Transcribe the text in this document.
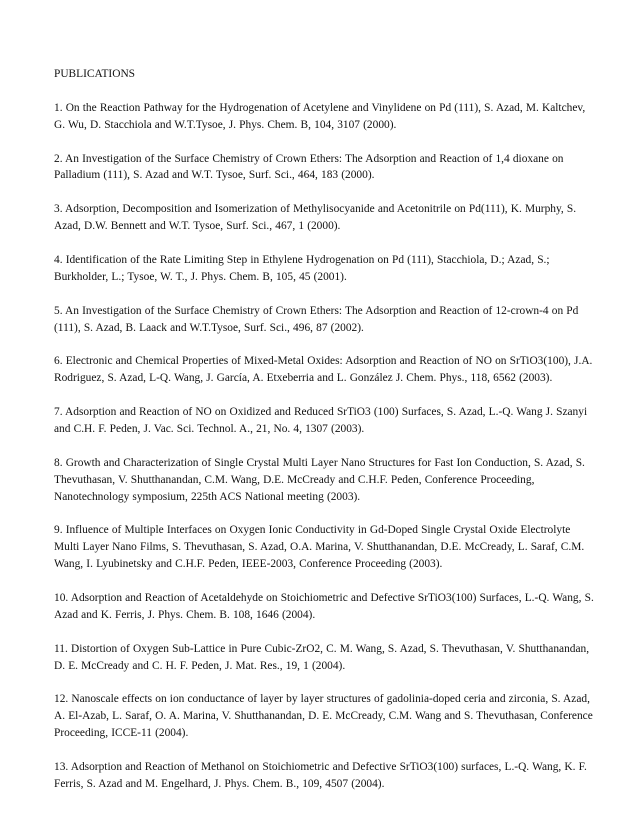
PUBLICATIONS
1. On the Reaction Pathway for the Hydrogenation of Acetylene and Vinylidene on Pd (111), S. Azad, M. Kaltchev, G. Wu, D. Stacchiola and W.T.Tysoe, J. Phys. Chem. B, 104, 3107 (2000).
2. An Investigation of the Surface Chemistry of Crown Ethers: The Adsorption and Reaction of 1,4 dioxane on Palladium (111), S. Azad and W.T. Tysoe, Surf. Sci., 464, 183 (2000).
3. Adsorption, Decomposition and Isomerization of Methylisocyanide and Acetonitrile on Pd(111), K. Murphy, S. Azad, D.W. Bennett and W.T. Tysoe, Surf. Sci., 467, 1 (2000).
4. Identification of the Rate Limiting Step in Ethylene Hydrogenation on Pd (111), Stacchiola, D.; Azad, S.; Burkholder, L.; Tysoe, W. T., J. Phys. Chem. B, 105, 45 (2001).
5. An Investigation of the Surface Chemistry of Crown Ethers: The Adsorption and Reaction of 12-crown-4 on Pd (111), S. Azad, B. Laack and W.T.Tysoe, Surf. Sci., 496, 87 (2002).
6. Electronic and Chemical Properties of Mixed-Metal Oxides: Adsorption and Reaction of NO on SrTiO3(100), J.A. Rodriguez, S. Azad, L-Q. Wang, J. García, A. Etxeberria and L. González J. Chem. Phys., 118, 6562 (2003).
7. Adsorption and Reaction of NO on Oxidized and Reduced SrTiO3 (100) Surfaces, S. Azad, L.-Q. Wang J. Szanyi and C.H. F. Peden, J. Vac. Sci. Technol. A., 21, No. 4, 1307 (2003).
8. Growth and Characterization of Single Crystal Multi Layer Nano Structures for Fast Ion Conduction, S. Azad, S. Thevuthasan, V. Shutthanandan, C.M. Wang, D.E. McCready and C.H.F. Peden, Conference Proceeding, Nanotechnology symposium, 225th ACS National meeting (2003).
9. Influence of Multiple Interfaces on Oxygen Ionic Conductivity in Gd-Doped Single Crystal Oxide Electrolyte Multi Layer Nano Films, S. Thevuthasan, S. Azad, O.A. Marina, V. Shutthanandan, D.E. McCready, L. Saraf, C.M. Wang, I. Lyubinetsky and C.H.F. Peden, IEEE-2003, Conference Proceeding (2003).
10. Adsorption and Reaction of Acetaldehyde on Stoichiometric and Defective SrTiO3(100) Surfaces, L.-Q. Wang, S. Azad and K. Ferris, J. Phys. Chem. B. 108, 1646 (2004).
11. Distortion of Oxygen Sub-Lattice in Pure Cubic-ZrO2, C. M. Wang, S. Azad, S. Thevuthasan, V. Shutthanandan, D. E. McCready and C. H. F. Peden, J. Mat. Res., 19, 1 (2004).
12. Nanoscale effects on ion conductance of layer by layer structures of gadolinia-doped ceria and zirconia, S. Azad, A. El-Azab, L. Saraf, O. A. Marina, V. Shutthanandan, D. E. McCready, C.M. Wang and S. Thevuthasan, Conference Proceeding, ICCE-11 (2004).
13. Adsorption and Reaction of Methanol on Stoichiometric and Defective SrTiO3(100) surfaces, L.-Q. Wang, K. F. Ferris, S. Azad and M. Engelhard, J. Phys. Chem. B., 109, 4507 (2004).
